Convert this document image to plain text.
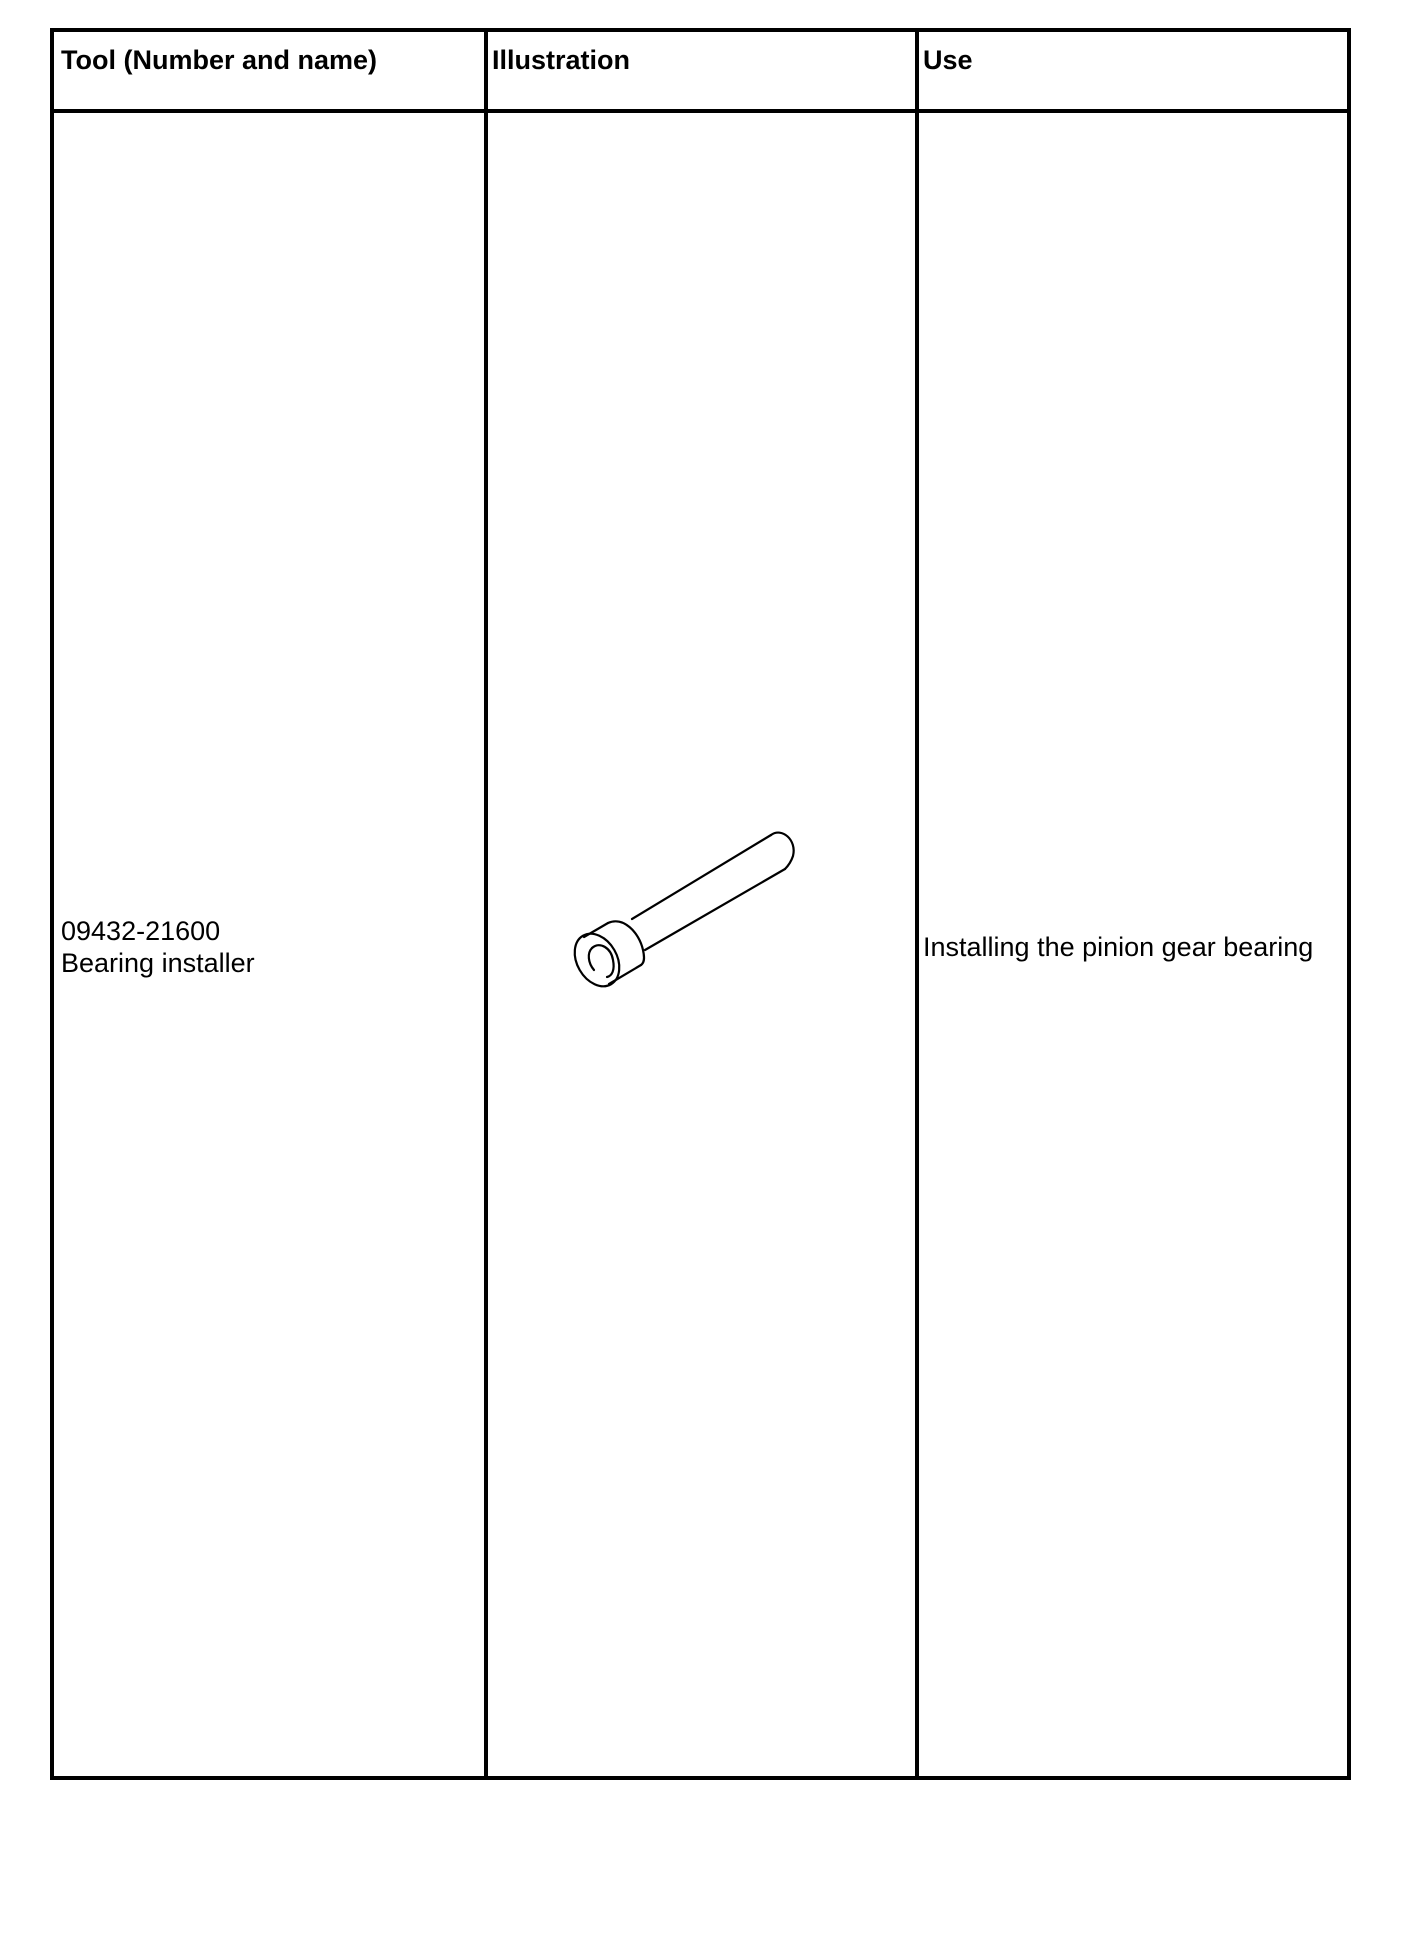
Tool (Number and name)	Illustration	Use
09432-21600
Bearing installer
Installing the pinion gear bearing
